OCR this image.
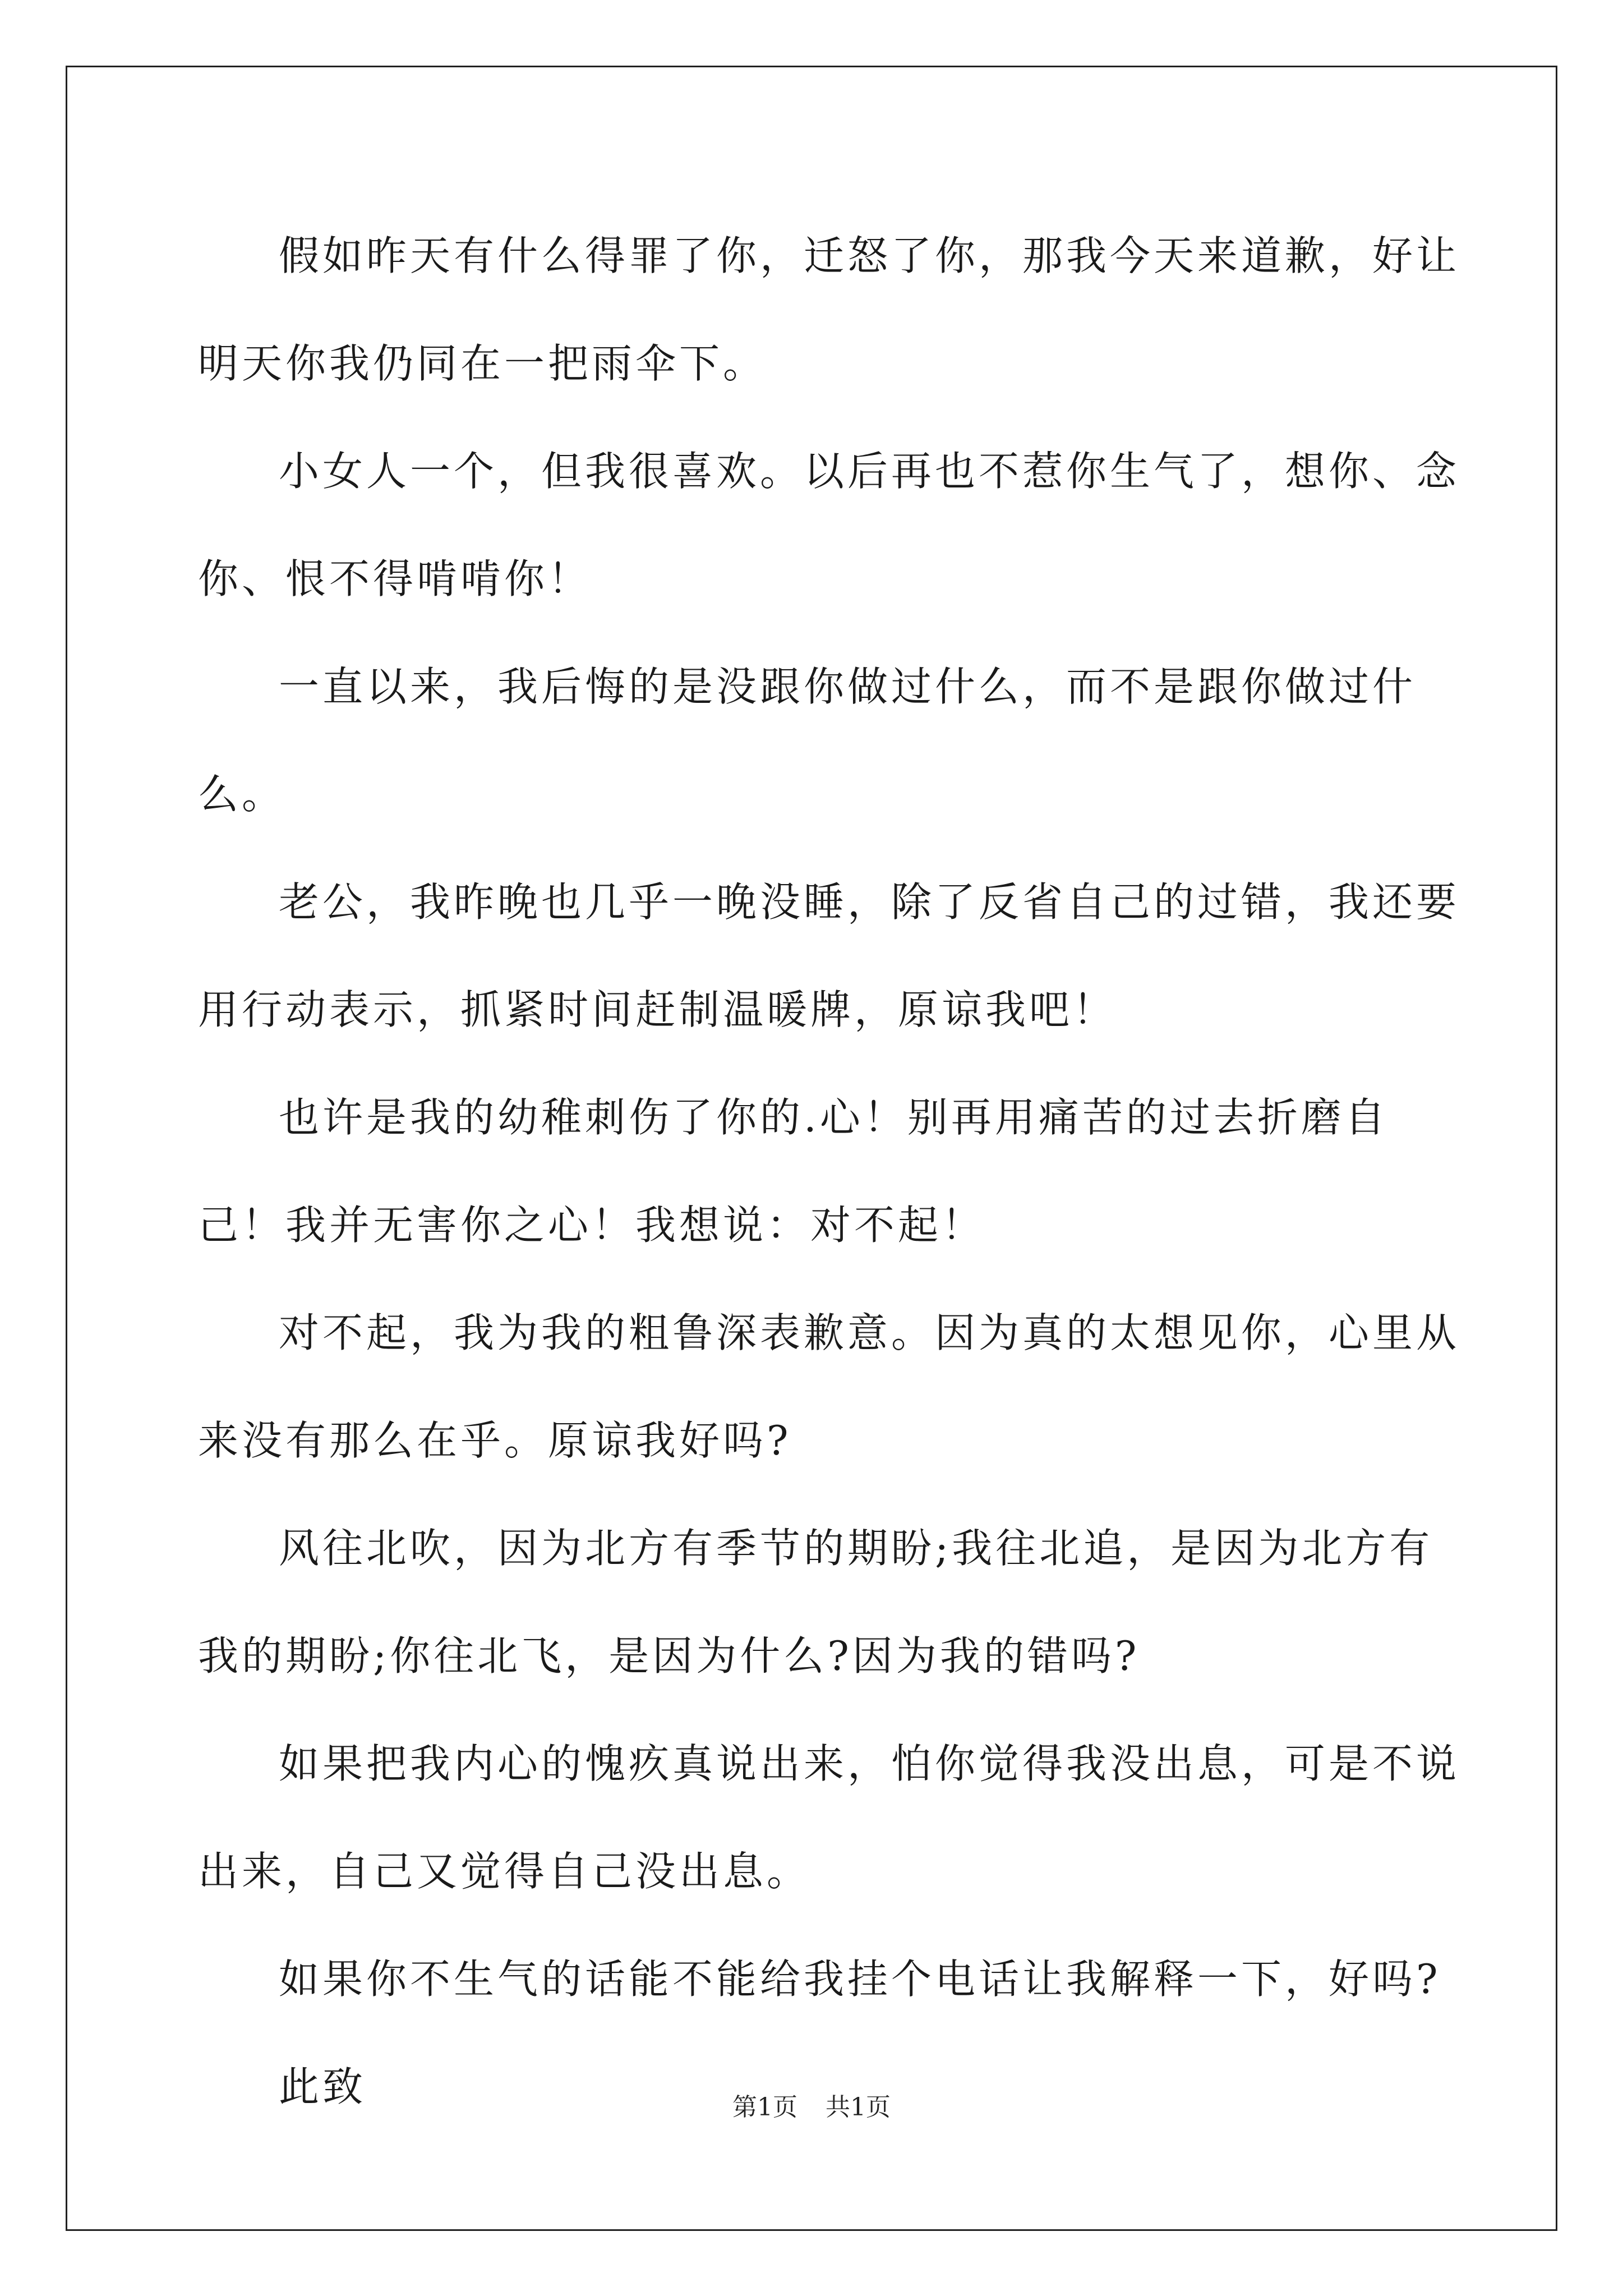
假如昨天有什么得罪了你，迁怒了你，那我今天来道歉，好让明天你我仍同在一把雨伞下。

小女人一个，但我很喜欢。以后再也不惹你生气了，想你、念你、恨不得啃啃你！

一直以来，我后悔的是没跟你做过什么，而不是跟你做过什么。

老公，我昨晚也几乎一晚没睡，除了反省自己的过错，我还要用行动表示，抓紧时间赶制温暖牌，原谅我吧！

也许是我的幼稚刺伤了你的.心！别再用痛苦的过去折磨自己！我并无害你之心！我想说：对不起！

对不起，我为我的粗鲁深表歉意。因为真的太想见你，心里从来没有那么在乎。原谅我好吗?

风往北吹，因为北方有季节的期盼;我往北追，是因为北方有我的期盼;你往北飞，是因为什么?因为我的错吗?

如果把我内心的愧疚真说出来，怕你觉得我没出息，可是不说出来，自己又觉得自己没出息。

如果你不生气的话能不能给我挂个电话让我解释一下，好吗?

此致	第1页 共1页
